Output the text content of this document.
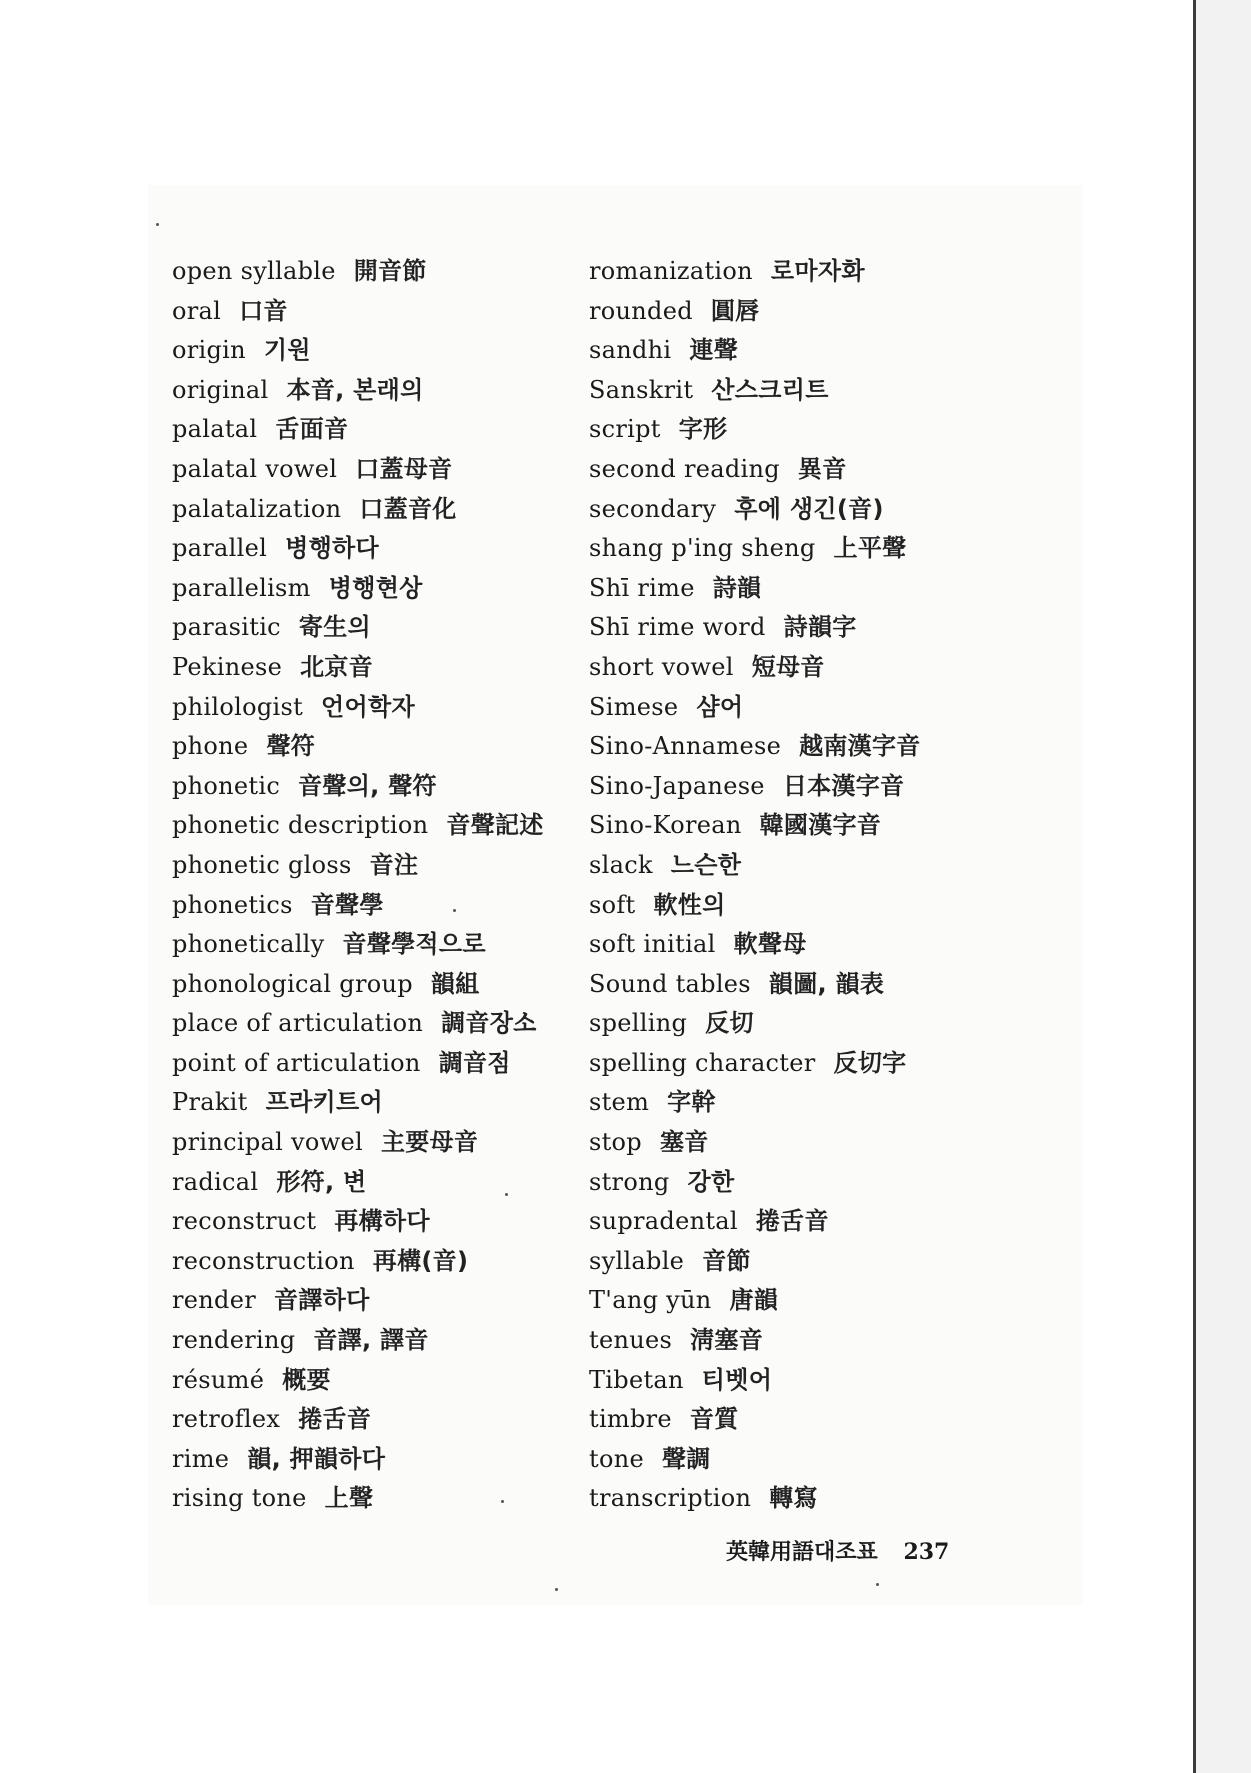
open syllable 開音節
oral 口音
origin 기원
original 本音, 본래의
palatal 舌面音
palatal vowel 口蓋母音
palatalization 口蓋音化
parallel 병행하다
parallelism 병행현상
parasitic 寄生의
Pekinese 北京音
philologist 언어학자
phone 聲符
phonetic 音聲의, 聲符
phonetic description 音聲記述
phonetic gloss 音注
phonetics 音聲學
phonetically 音聲學적으로
phonological group 韻組
place of articulation 調音장소
point of articulation 調音점
Prakit 프라키트어
principal vowel 主要母音
radical 形符, 변
reconstruct 再構하다
reconstruction 再構(音)
render 音譯하다
rendering 音譯, 譯音
résumé 概要
retroflex 捲舌音
rime 韻, 押韻하다
rising tone 上聲
romanization 로마자화
rounded 圓唇
sandhi 連聲
Sanskrit 산스크리트
script 字形
second reading 異音
secondary 후에 생긴(音)
shang p'ing sheng 上平聲
Shī rime 詩韻
Shī rime word 詩韻字
short vowel 短母音
Simese 샴어
Sino-Annamese 越南漢字音
Sino-Japanese 日本漢字音
Sino-Korean 韓國漢字音
slack 느슨한
soft 軟性의
soft initial 軟聲母
Sound tables 韻圖, 韻表
spelling 反切
spelling character 反切字
stem 字幹
stop 塞音
strong 강한
supradental 捲舌音
syllable 音節
T'ang yūn 唐韻
tenues 淸塞音
Tibetan 티벳어
timbre 音質
tone 聲調
transcription 轉寫
英韓用語대조표 237
